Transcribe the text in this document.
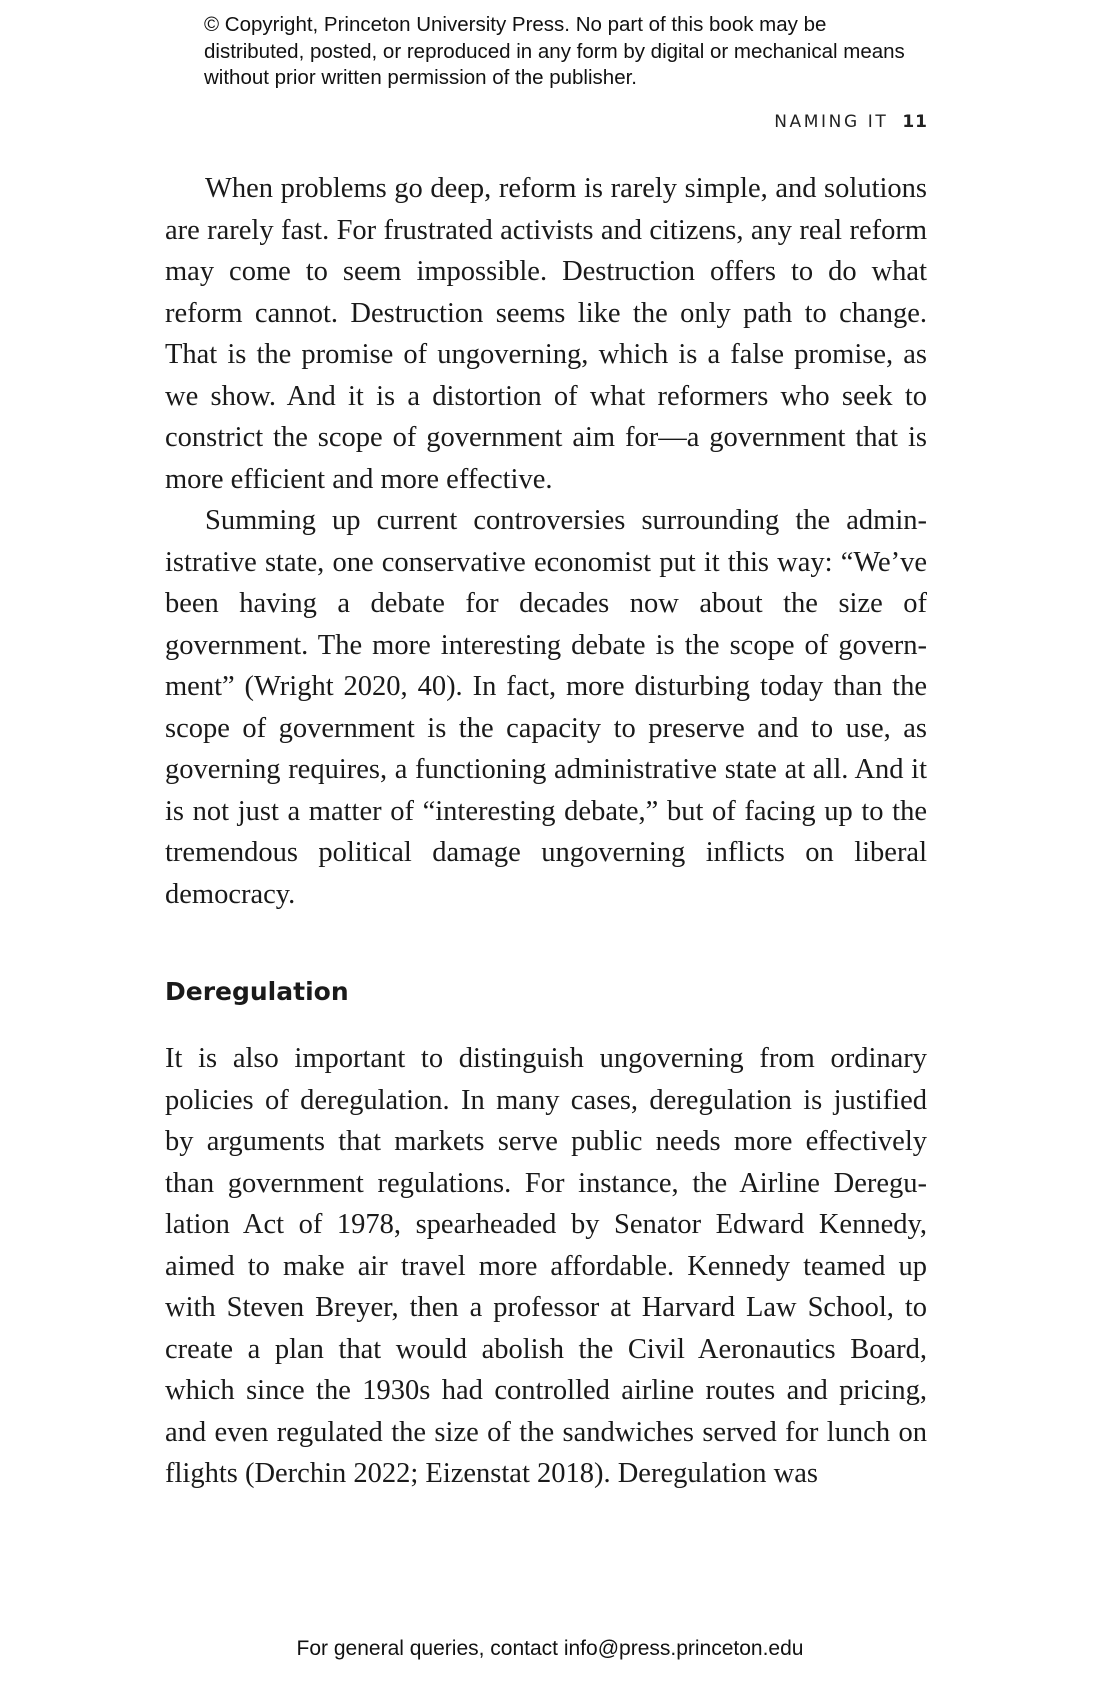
© Copyright, Princeton University Press. No part of this book may be distributed, posted, or reproduced in any form by digital or mechanical means without prior written permission of the publisher.
NAMING IT 11

When problems go deep, reform is rarely simple, and solutions are rarely fast. For frustrated activists and citizens, any real reform may come to seem impossible. Destruction offers to do what reform cannot. Destruction seems like the only path to change. That is the promise of ungoverning, which is a false promise, as we show. And it is a distortion of what reformers who seek to constrict the scope of government aim for—a government that is more efficient and more effective.

Summing up current controversies surrounding the administrative state, one conservative economist put it this way: “We’ve been having a debate for decades now about the size of government. The more interesting debate is the scope of government” (Wright 2020, 40). In fact, more disturbing today than the scope of government is the capacity to preserve and to use, as governing requires, a functioning administrative state at all. And it is not just a matter of “interesting debate,” but of facing up to the tremendous political damage ungoverning inflicts on liberal democracy.

Deregulation

It is also important to distinguish ungoverning from ordinary policies of deregulation. In many cases, deregulation is justified by arguments that markets serve public needs more effectively than government regulations. For instance, the Airline Deregulation Act of 1978, spearheaded by Senator Edward Kennedy, aimed to make air travel more affordable. Kennedy teamed up with Steven Breyer, then a professor at Harvard Law School, to create a plan that would abolish the Civil Aeronautics Board, which since the 1930s had controlled airline routes and pricing, and even regulated the size of the sandwiches served for lunch on flights (Derchin 2022; Eizenstat 2018). Deregulation was

For general queries, contact info@press.princeton.edu
